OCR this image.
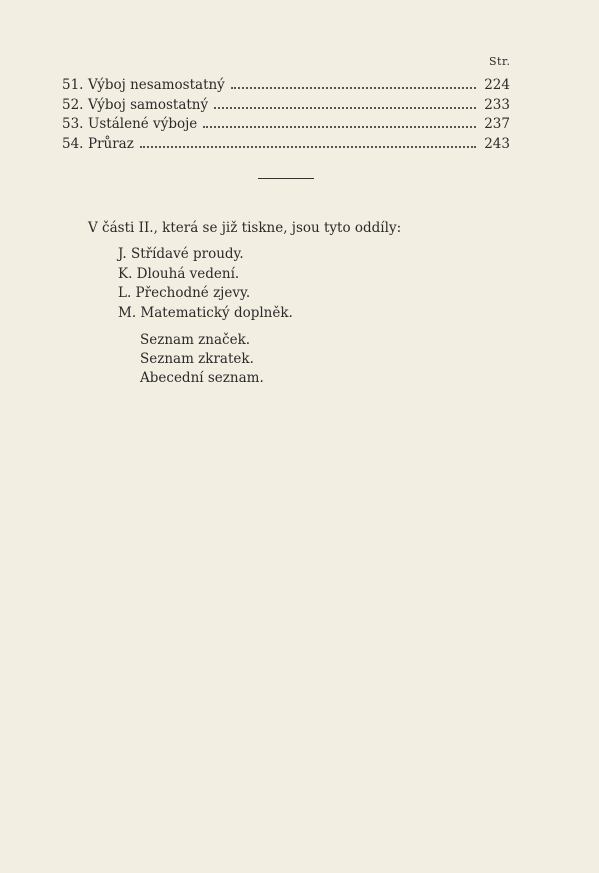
Str.
51. Výboj nesamostatný	224
52. Výboj samostatný	233
53. Ustálené výboje	237
54. Průraz	243
V části II., která se již tiskne, jsou tyto oddíly:
J. Střídavé proudy.
K. Dlouhá vedení.
L. Přechodné zjevy.
M. Matematický doplněk.
Seznam značek.
Seznam zkratek.
Abecední seznam.
